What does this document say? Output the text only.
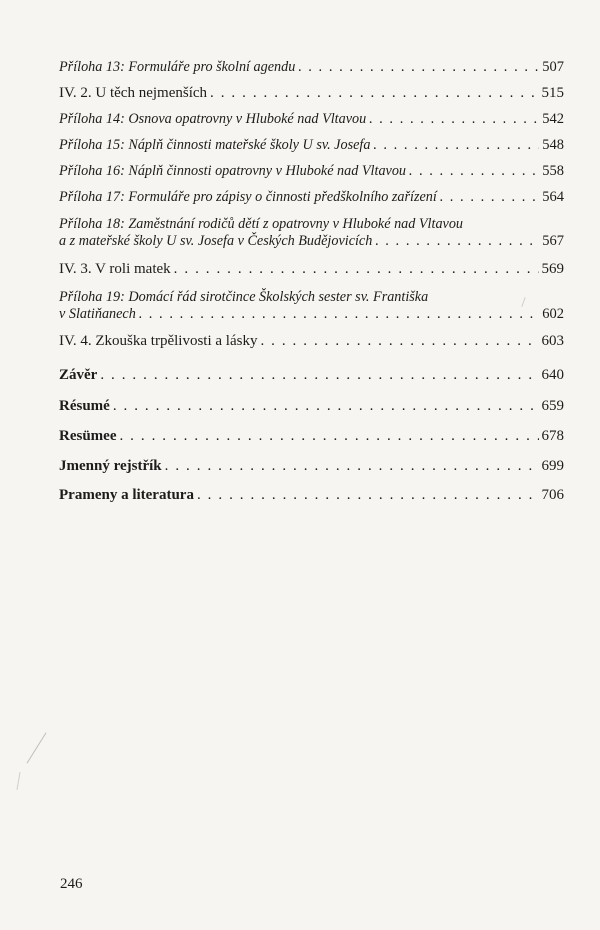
Příloha 13: Formuláře pro školní agendu . . .	507
IV. 2. U těch nejmenších . . .	515
Příloha 14: Osnova opatrovny v Hluboké nad Vltavou . . .	542
Příloha 15: Náplň činnosti mateřské školy U sv. Josefa . . .	548
Příloha 16: Náplň činnosti opatrovny v Hluboké nad Vltavou . . .	558
Příloha 17: Formuláře pro zápisy o činnosti předškolního zařízení . . .	564
Příloha 18: Zaměstnání rodičů dětí z opatrovny v Hluboké nad Vltavou
a z mateřské školy U sv. Josefa v Českých Budějovicích . . .	567
IV. 3. V roli matek . . .	569
Příloha 19: Domácí řád sirotčince Školských sester sv. Františka
v Slatiňanech . . .	602
IV. 4. Zkouška trpělivosti a lásky . . .	603
Závěr . . .	640
Résumé . . .	659
Resümee . . .	678
Jmenný rejstřík . . .	699
Prameny a literatura . . .	706
246
